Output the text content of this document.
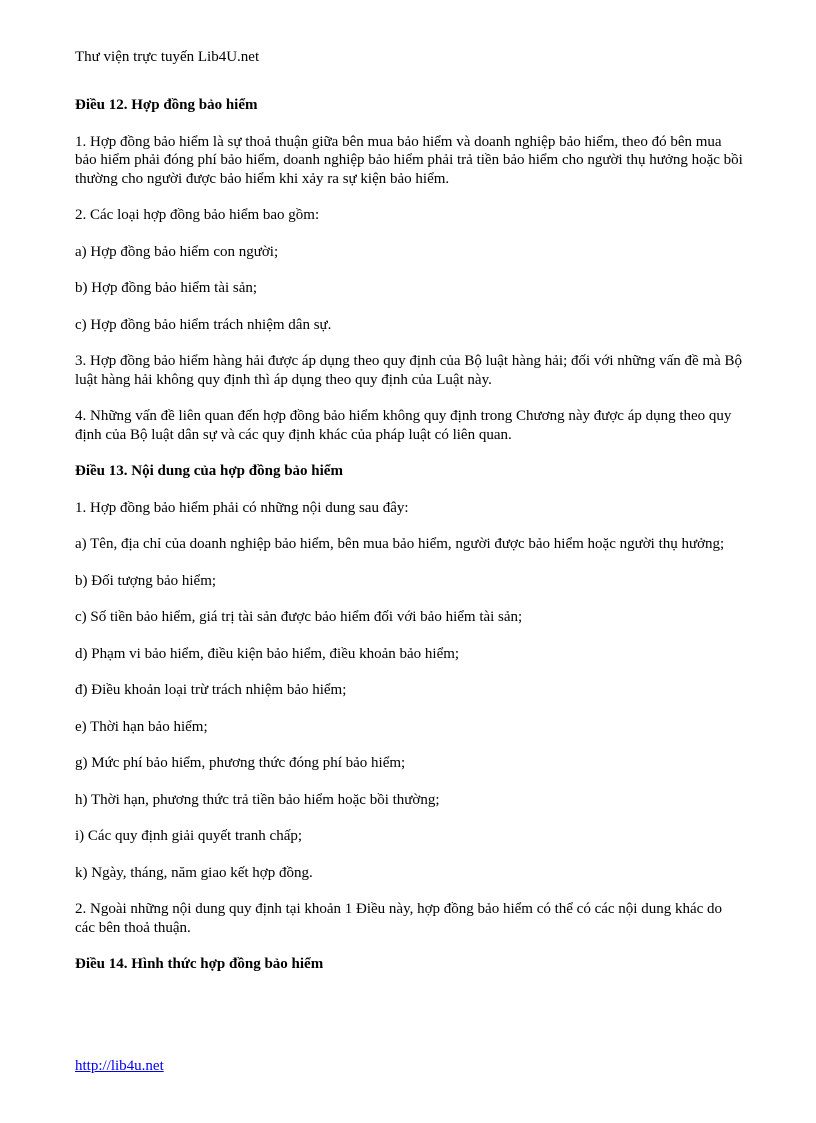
Thư viện trực tuyến Lib4U.net
Điều 12. Hợp đồng bảo hiểm

1. Hợp đồng bảo hiểm là sự thoả thuận giữa bên mua bảo hiểm và doanh nghiệp bảo hiểm, theo đó bên mua bảo hiểm phải đóng phí bảo hiểm, doanh nghiệp bảo hiểm phải trả tiền bảo hiểm cho người thụ hưởng hoặc bồi thường cho người được bảo hiểm khi xảy ra sự kiện bảo hiểm.

2. Các loại hợp đồng bảo hiểm bao gồm:

a) Hợp đồng bảo hiểm con người;

b) Hợp đồng bảo hiểm tài sản;

c) Hợp đồng bảo hiểm trách nhiệm dân sự.

3. Hợp đồng bảo hiểm hàng hải được áp dụng theo quy định của Bộ luật hàng hải; đối với những vấn đề mà Bộ luật hàng hải không quy định thì áp dụng theo quy định của Luật này.

4. Những vấn đề liên quan đến hợp đồng bảo hiểm không quy định trong Chương này được áp dụng theo quy định của Bộ luật dân sự và các quy định khác của pháp luật có liên quan.

Điều 13. Nội dung của hợp đồng bảo hiểm

1. Hợp đồng bảo hiểm phải có những nội dung sau đây:

a) Tên, địa chỉ của doanh nghiệp bảo hiểm, bên mua bảo hiểm, người được bảo hiểm hoặc người thụ hưởng;

b) Đối tượng bảo hiểm;

c) Số tiền bảo hiểm, giá trị tài sản được bảo hiểm đối với bảo hiểm tài sản;

d) Phạm vi bảo hiểm, điều kiện bảo hiểm, điều khoản bảo hiểm;

đ) Điều khoản loại trừ trách nhiệm bảo hiểm;

e) Thời hạn bảo hiểm;

g) Mức phí bảo hiểm, phương thức đóng phí bảo hiểm;

h) Thời hạn, phương thức trả tiền bảo hiểm hoặc bồi thường;

i) Các quy định giải quyết tranh chấp;

k) Ngày, tháng, năm giao kết hợp đồng.

2. Ngoài những nội dung quy định tại khoản 1 Điều này, hợp đồng bảo hiểm có thể có các nội dung khác do các bên thoả thuận.

Điều 14. Hình thức hợp đồng bảo hiểm
http://lib4u.net
